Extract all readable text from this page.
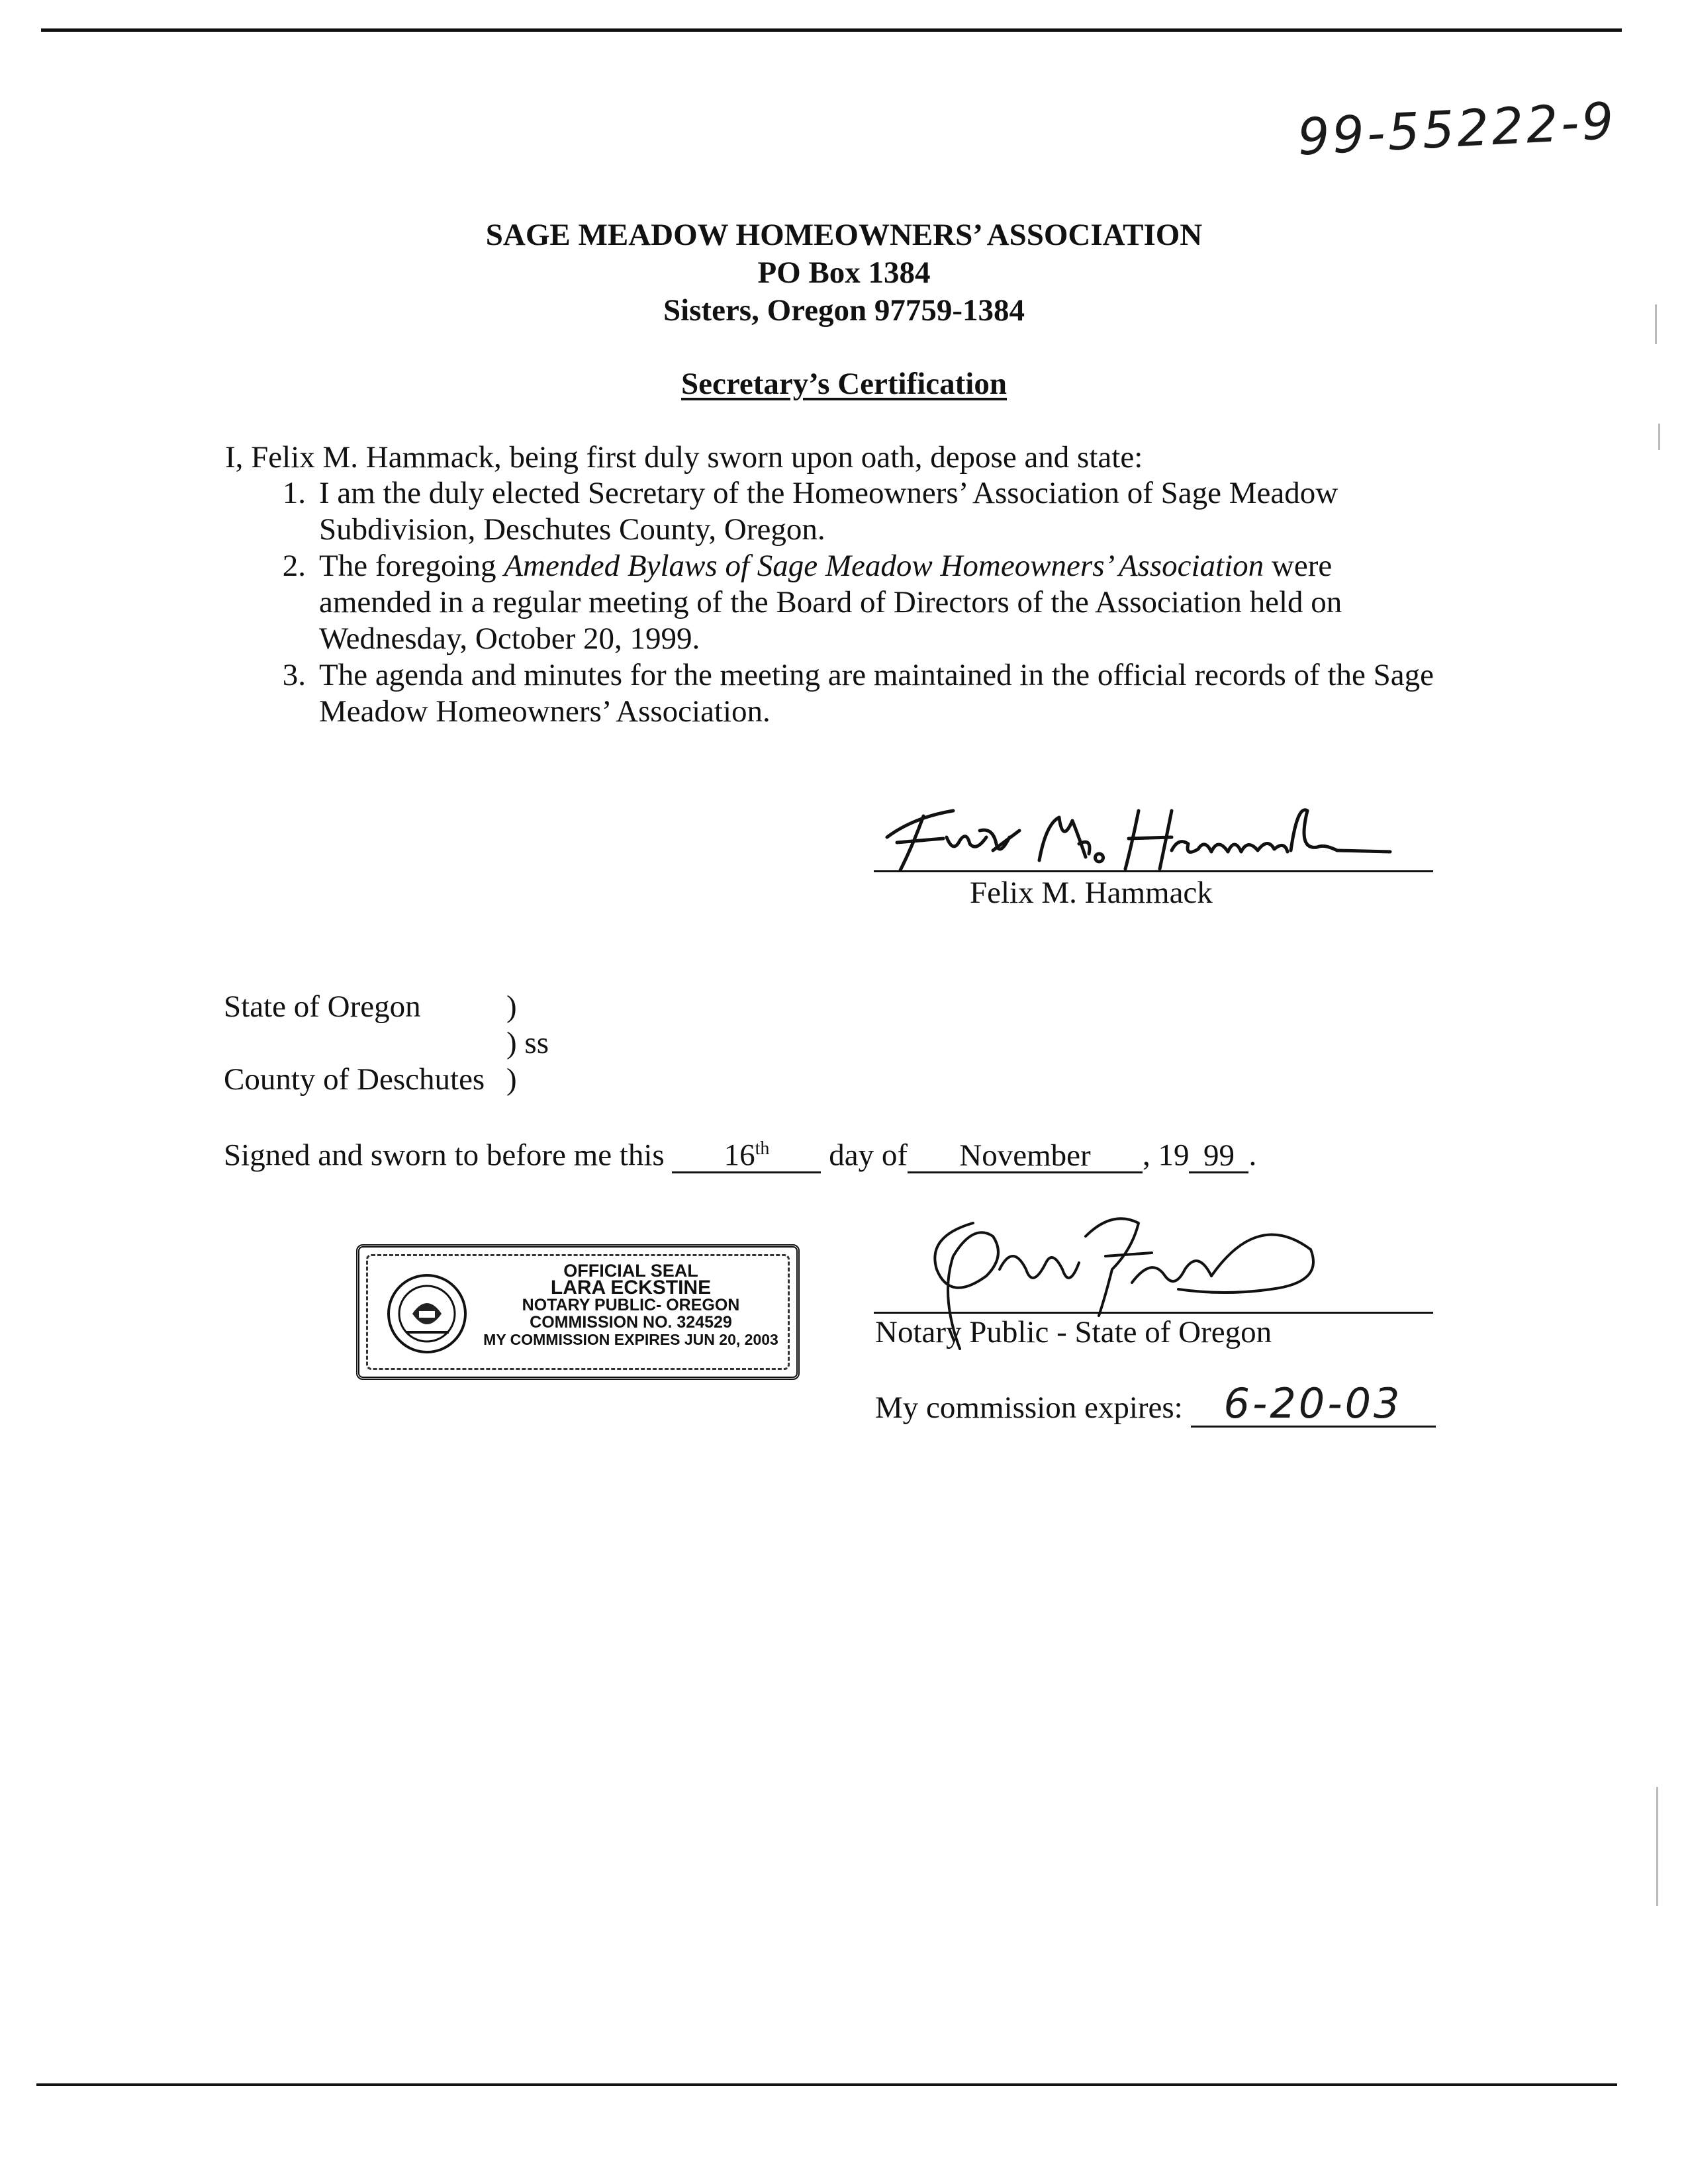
99-55222-9
SAGE MEADOW HOMEOWNERS’ ASSOCIATION
PO Box 1384
Sisters, Oregon 97759-1384
Secretary’s Certification
I, Felix M. Hammack, being first duly sworn upon oath, depose and state:
1. I am the duly elected Secretary of the Homeowners’ Association of Sage Meadow
Subdivision, Deschutes County, Oregon.
2. The foregoing Amended Bylaws of Sage Meadow Homeowners’ Association were
amended in a regular meeting of the Board of Directors of the Association held on
Wednesday, October 20, 1999.
3. The agenda and minutes for the meeting are maintained in the official records of the Sage
Meadow Homeowners’ Association.
Felix M. Hammack
State of Oregon	)
) ss
County of Deschutes )
Signed and sworn to before me this 16th day of November , 19 99 .
OFFICIAL SEAL
LARA ECKSTINE
NOTARY PUBLIC- OREGON
COMMISSION NO. 324529
MY COMMISSION EXPIRES JUN 20, 2003	Notary Public - State of Oregon
My commission expires: 6-20-03
